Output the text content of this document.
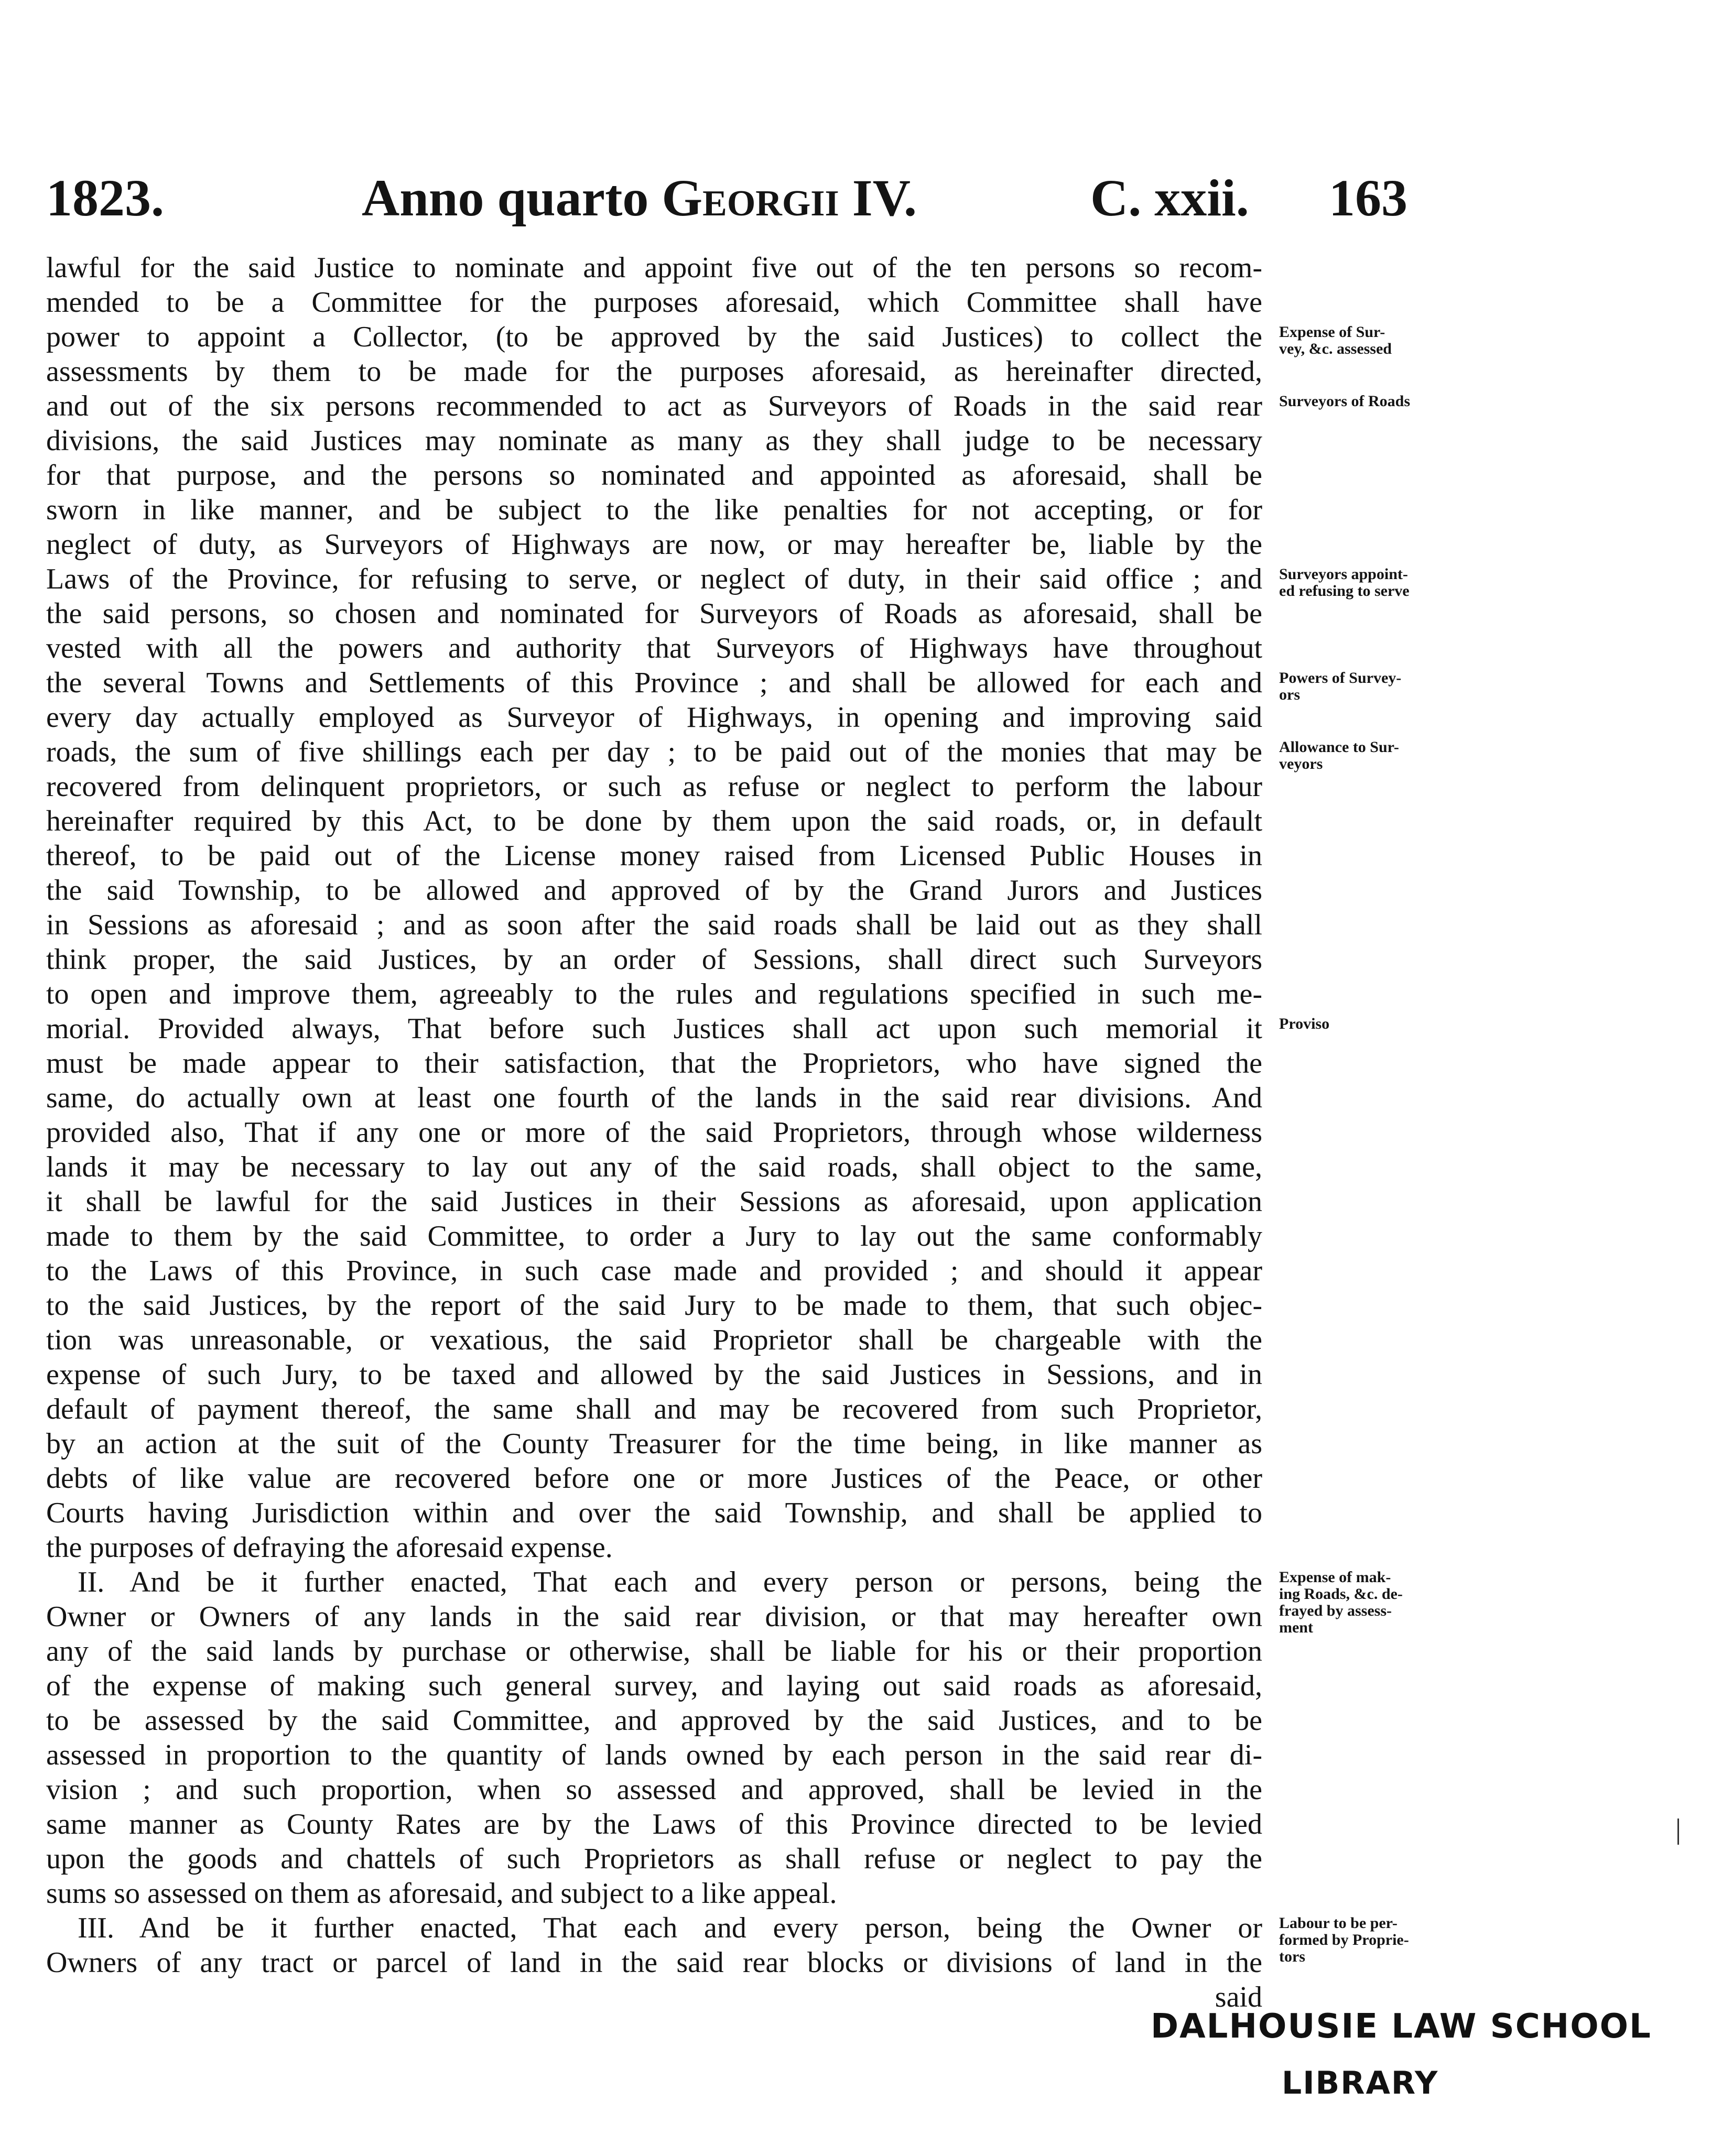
1823.	Anno quarto Georgii IV.	C. xxii. 163
lawful for the said Justice to nominate and appoint five out of the ten persons so recom-
mended to be a Committee for the purposes aforesaid, which Committee shall have
power to appoint a Collector, (to be approved by the said Justices) to collect the
assessments by them to be made for the purposes aforesaid, as hereinafter directed,
and out of the six persons recommended to act as Surveyors of Roads in the said rear
divisions, the said Justices may nominate as many as they shall judge to be necessary
for that purpose, and the persons so nominated and appointed as aforesaid, shall be
sworn in like manner, and be subject to the like penalties for not accepting, or for
neglect of duty, as Surveyors of Highways are now, or may hereafter be, liable by the
Laws of the Province, for refusing to serve, or neglect of duty, in their said office ; and
the said persons, so chosen and nominated for Surveyors of Roads as aforesaid, shall be
vested with all the powers and authority that Surveyors of Highways have throughout
the several Towns and Settlements of this Province ; and shall be allowed for each and
every day actually employed as Surveyor of Highways, in opening and improving said
roads, the sum of five shillings each per day ; to be paid out of the monies that may be
recovered from delinquent proprietors, or such as refuse or neglect to perform the labour
hereinafter required by this Act, to be done by them upon the said roads, or, in default
thereof, to be paid out of the License money raised from Licensed Public Houses in
the said Township, to be allowed and approved of by the Grand Jurors and Justices
in Sessions as aforesaid ; and as soon after the said roads shall be laid out as they shall
think proper, the said Justices, by an order of Sessions, shall direct such Surveyors
to open and improve them, agreeably to the rules and regulations specified in such me-
morial. Provided always, That before such Justices shall act upon such memorial it
must be made appear to their satisfaction, that the Proprietors, who have signed the
same, do actually own at least one fourth of the lands in the said rear divisions. And
provided also, That if any one or more of the said Proprietors, through whose wilderness
lands it may be necessary to lay out any of the said roads, shall object to the same,
it shall be lawful for the said Justices in their Sessions as aforesaid, upon application
made to them by the said Committee, to order a Jury to lay out the same conformably
to the Laws of this Province, in such case made and provided ; and should it appear
to the said Justices, by the report of the said Jury to be made to them, that such objec-
tion was unreasonable, or vexatious, the said Proprietor shall be chargeable with the
expense of such Jury, to be taxed and allowed by the said Justices in Sessions, and in
default of payment thereof, the same shall and may be recovered from such Proprietor,
by an action at the suit of the County Treasurer for the time being, in like manner as
debts of like value are recovered before one or more Justices of the Peace, or other
Courts having Jurisdiction within and over the said Township, and shall be applied to
the purposes of defraying the aforesaid expense.
II. And be it further enacted, That each and every person or persons, being the
Owner or Owners of any lands in the said rear division, or that may hereafter own
any of the said lands by purchase or otherwise, shall be liable for his or their proportion
of the expense of making such general survey, and laying out said roads as aforesaid,
to be assessed by the said Committee, and approved by the said Justices, and to be
assessed in proportion to the quantity of lands owned by each person in the said rear di-
vision ; and such proportion, when so assessed and approved, shall be levied in the
same manner as County Rates are by the Laws of this Province directed to be levied
upon the goods and chattels of such Proprietors as shall refuse or neglect to pay the
sums so assessed on them as aforesaid, and subject to a like appeal.
III. And be it further enacted, That each and every person, being the Owner or
Owners of any tract or parcel of land in the said rear blocks or divisions of land in the
said
Expense of Sur-
vey, &c. assessed
Surveyors of Roads
Surveyors appoint-
ed refusing to serve
Powers of Survey-
ors
Allowance to Sur-
veyors
Proviso
Expense of mak-
ing Roads, &c. de-
frayed by assess-
ment
Labour to be per-
formed by Proprie-
tors
DALHOUSIE LAW SCHOOL
LIBRARY
